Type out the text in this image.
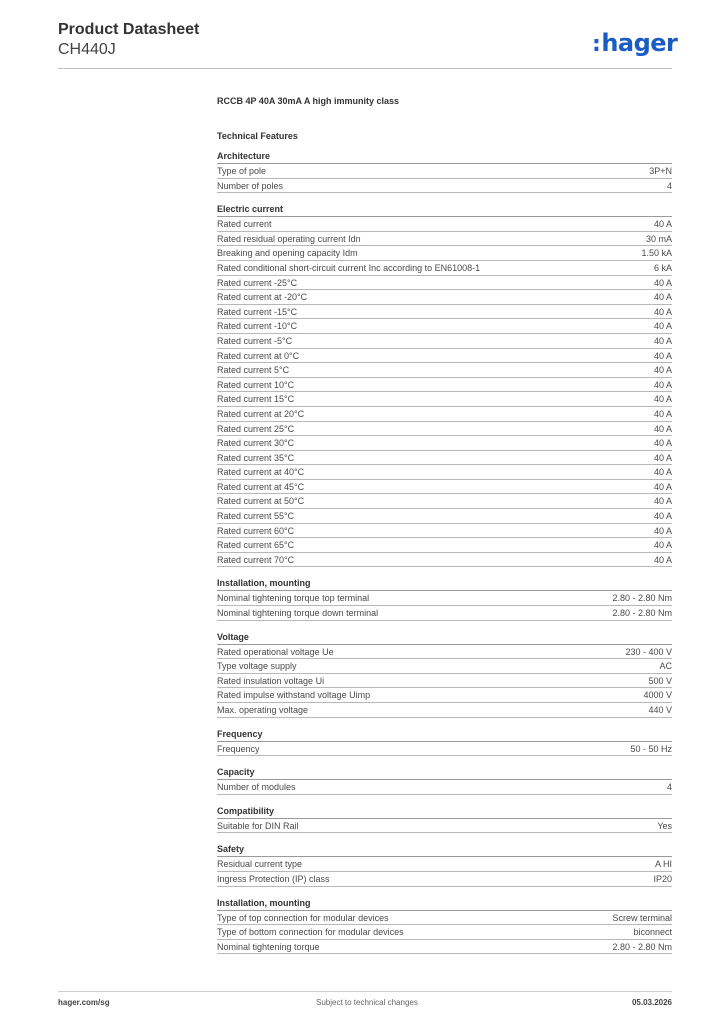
Product Datasheet
CH440J	:hager
RCCB 4P 40A 30mA A high immunity class
Technical Features
Architecture
Type of pole	3P+N
Number of poles	4
Electric current
Rated current	40 A
Rated residual operating current Idn	30 mA
Breaking and opening capacity Idm	1.50 kA
Rated conditional short-circuit current Inc according to EN61008-1	6 kA
Rated current -25°C	40 A
Rated current at -20°C	40 A
Rated current -15°C	40 A
Rated current -10°C	40 A
Rated current -5°C	40 A
Rated current at 0°C	40 A
Rated current 5°C	40 A
Rated current 10°C	40 A
Rated current 15°C	40 A
Rated current at 20°C	40 A
Rated current 25°C	40 A
Rated current 30°C	40 A
Rated current 35°C	40 A
Rated current at 40°C	40 A
Rated current at 45°C	40 A
Rated current at 50°C	40 A
Rated current 55°C	40 A
Rated current 60°C	40 A
Rated current 65°C	40 A
Rated current 70°C	40 A
Installation, mounting
Nominal tightening torque top terminal	2.80 - 2.80 Nm
Nominal tightening torque down terminal	2.80 - 2.80 Nm
Voltage
Rated operational voltage Ue	230 - 400 V
Type voltage supply	AC
Rated insulation voltage Ui	500 V
Rated impulse withstand voltage Uimp	4000 V
Max. operating voltage	440 V
Frequency
Frequency	50 - 50 Hz
Capacity
Number of modules	4
Compatibility
Suitable for DIN Rail	Yes
Safety
Residual current type	A HI
Ingress Protection (IP) class	IP20
Installation, mounting
Type of top connection for modular devices	Screw terminal
Type of bottom connection for modular devices	biconnect
Nominal tightening torque	2.80 - 2.80 Nm
hager.com/sg	Subject to technical changes	05.03.2026
